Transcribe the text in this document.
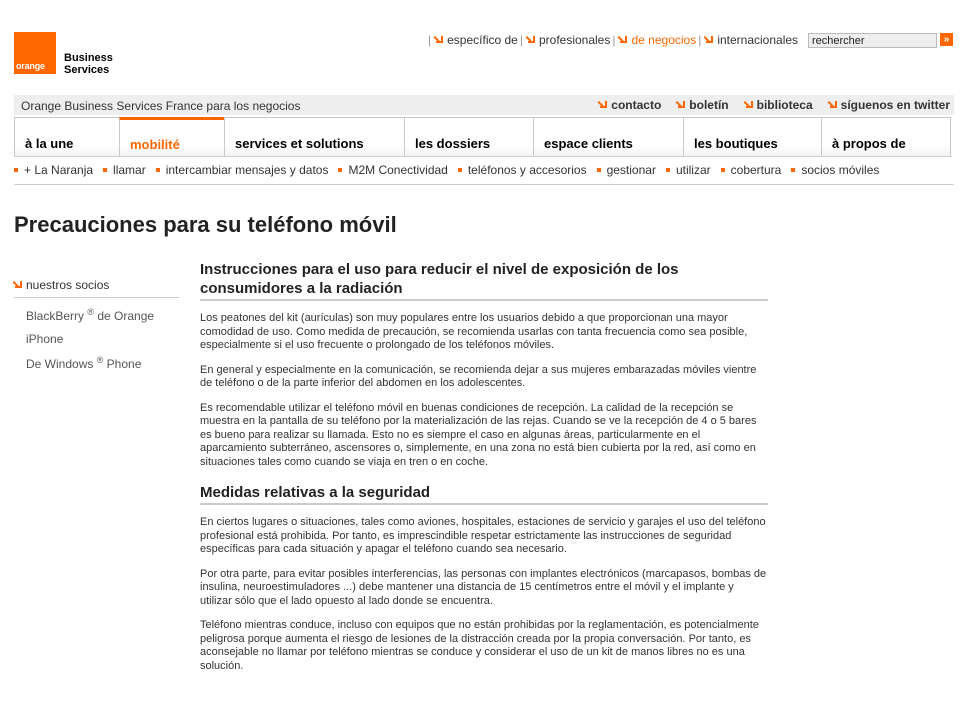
orange
Business
Services
| específico de | profesionales | de negocios | internacionales
rechercher	»
Orange Business Services France para los negocios	contacto boletín biblioteca síguenos en twitter
à la une	mobilité	services et solutions	les dossiers	espace clients	les boutiques	à propos de
+ La Naranja llamar intercambiar mensajes y datos M2M Conectividad teléfonos y accesorios gestionar utilizar cobertura socios móviles
Precauciones para su teléfono móvil
nuestros socios
BlackBerry ® de Orange
iPhone
De Windows ® Phone
Instrucciones para el uso para reducir el nivel de exposición de los consumidores a la radiación

Los peatones del kit (aurículas) son muy populares entre los usuarios debido a que proporcionan una mayor comodidad de uso. Como medida de precaución, se recomienda usarlas con tanta frecuencia como sea posible, especialmente si el uso frecuente o prolongado de los teléfonos móviles.

En general y especialmente en la comunicación, se recomienda dejar a sus mujeres embarazadas móviles vientre de teléfono o de la parte inferior del abdomen en los adolescentes.

Es recomendable utilizar el teléfono móvil en buenas condiciones de recepción. La calidad de la recepción se muestra en la pantalla de su teléfono por la materialización de las rejas. Cuando se ve la recepción de 4 o 5 bares es bueno para realizar su llamada. Esto no es siempre el caso en algunas áreas, particularmente en el aparcamiento subterráneo, ascensores o, simplemente, en una zona no está bien cubierta por la red, así como en situaciones tales como cuando se viaja en tren o en coche.

Medidas relativas a la seguridad

En ciertos lugares o situaciones, tales como aviones, hospitales, estaciones de servicio y garajes el uso del teléfono profesional está prohibida. Por tanto, es imprescindible respetar estrictamente las instrucciones de seguridad específicas para cada situación y apagar el teléfono cuando sea necesario.

Por otra parte, para evitar posibles interferencias, las personas con implantes electrónicos (marcapasos, bombas de insulina, neuroestimuladores ...) debe mantener una distancia de 15 centímetros entre el móvil y el implante y utilizar sólo que el lado opuesto al lado donde se encuentra.

Teléfono mientras conduce, incluso con equipos que no están prohibidas por la reglamentación, es potencialmente peligrosa porque aumenta el riesgo de lesiones de la distracción creada por la propia conversación. Por tanto, es aconsejable no llamar por teléfono mientras se conduce y considerar el uso de un kit de manos libres no es una solución.
